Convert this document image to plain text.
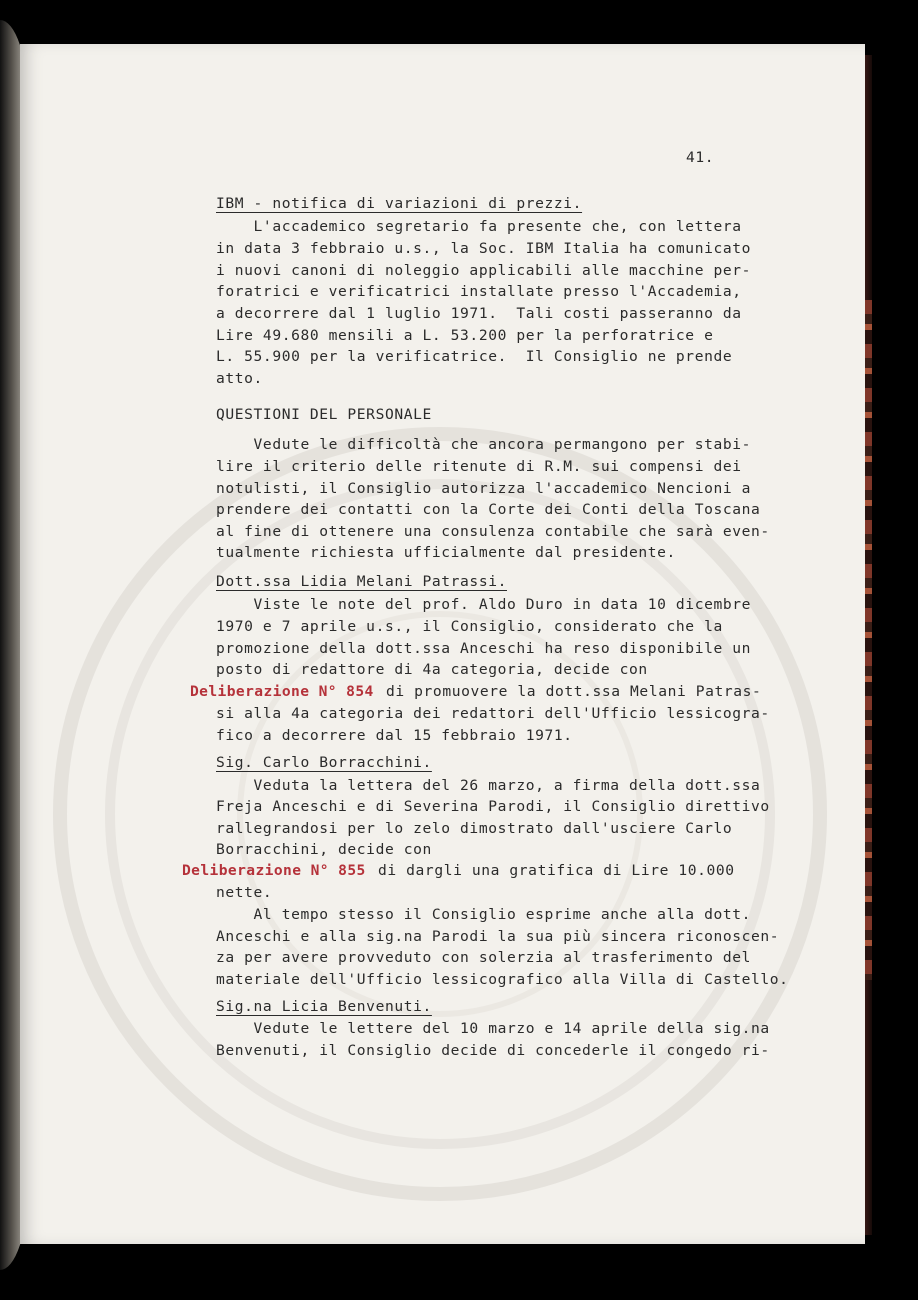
41.
IBM - notifica di variazioni di prezzi.
L'accademico segretario fa presente che, con lettera
in data 3 febbraio u.s., la Soc. IBM Italia ha comunicato
i nuovi canoni di noleggio applicabili alle macchine per-
foratrici e verificatrici installate presso l'Accademia,
a decorrere dal 1 luglio 1971.  Tali costi passeranno da
Lire 49.680 mensili a L. 53.200 per la perforatrice e
L. 55.900 per la verificatrice.  Il Consiglio ne prende
atto.
QUESTIONI DEL PERSONALE
Vedute le difficoltà che ancora permangono per stabi-
lire il criterio delle ritenute di R.M. sui compensi dei
notulisti, il Consiglio autorizza l'accademico Nencioni a
prendere dei contatti con la Corte dei Conti della Toscana
al fine di ottenere una consulenza contabile che sarà even-
tualmente richiesta ufficialmente dal presidente.
Dott.ssa Lidia Melani Patrassi.
Viste le note del prof. Aldo Duro in data 10 dicembre
1970 e 7 aprile u.s., il Consiglio, considerato che la
promozione della dott.ssa Anceschi ha reso disponibile un
posto di redattore di 4a categoria, decide con
Deliberazione N° 854 di promuovere la dott.ssa Melani Patras-
si alla 4a categoria dei redattori dell'Ufficio lessicogra-
fico a decorrere dal 15 febbraio 1971.
Sig. Carlo Borracchini.
Veduta la lettera del 26 marzo, a firma della dott.ssa
Freja Anceschi e di Severina Parodi, il Consiglio direttivo
rallegrandosi per lo zelo dimostrato dall'usciere Carlo
Borracchini, decide con
Deliberazione N° 855 di dargli una gratifica di Lire 10.000
nette.
Al tempo stesso il Consiglio esprime anche alla dott.
Anceschi e alla sig.na Parodi la sua più sincera riconoscen-
za per avere provveduto con solerzia al trasferimento del
materiale dell'Ufficio lessicografico alla Villa di Castello.
Sig.na Licia Benvenuti.
Vedute le lettere del 10 marzo e 14 aprile della sig.na
Benvenuti, il Consiglio decide di concederle il congedo ri-
